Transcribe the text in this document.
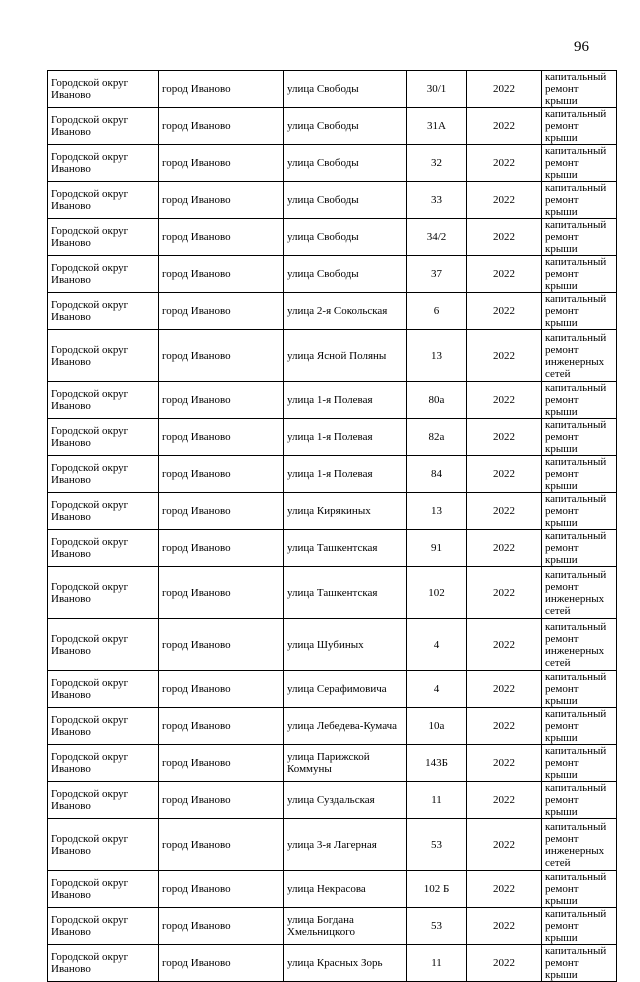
96
Городской округ Иваново	город Иваново	улица Свободы	30/1	2022	капитальный ремонт крыши
Городской округ Иваново	город Иваново	улица Свободы	31А	2022	капитальный ремонт крыши
Городской округ Иваново	город Иваново	улица Свободы	32	2022	капитальный ремонт крыши
Городской округ Иваново	город Иваново	улица Свободы	33	2022	капитальный ремонт крыши
Городской округ Иваново	город Иваново	улица Свободы	34/2	2022	капитальный ремонт крыши
Городской округ Иваново	город Иваново	улица Свободы	37	2022	капитальный ремонт крыши
Городской округ Иваново	город Иваново	улица 2-я Сокольская	6	2022	капитальный ремонт крыши
Городской округ Иваново	город Иваново	улица Ясной Поляны	13	2022	капитальный ремонт инженерных сетей
Городской округ Иваново	город Иваново	улица 1-я Полевая	80а	2022	капитальный ремонт крыши
Городской округ Иваново	город Иваново	улица 1-я Полевая	82а	2022	капитальный ремонт крыши
Городской округ Иваново	город Иваново	улица 1-я Полевая	84	2022	капитальный ремонт крыши
Городской округ Иваново	город Иваново	улица Кирякиных	13	2022	капитальный ремонт крыши
Городской округ Иваново	город Иваново	улица Ташкентская	91	2022	капитальный ремонт крыши
Городской округ Иваново	город Иваново	улица Ташкентская	102	2022	капитальный ремонт инженерных сетей
Городской округ Иваново	город Иваново	улица Шубиных	4	2022	капитальный ремонт инженерных сетей
Городской округ Иваново	город Иваново	улица Серафимовича	4	2022	капитальный ремонт крыши
Городской округ Иваново	город Иваново	улица Лебедева-Кумача	10а	2022	капитальный ремонт крыши
Городской округ Иваново	город Иваново	улица Парижской Коммуны	143Б	2022	капитальный ремонт крыши
Городской округ Иваново	город Иваново	улица Суздальская	11	2022	капитальный ремонт крыши
Городской округ Иваново	город Иваново	улица 3-я Лагерная	53	2022	капитальный ремонт инженерных сетей
Городской округ Иваново	город Иваново	улица Некрасова	102 Б	2022	капитальный ремонт крыши
Городской округ Иваново	город Иваново	улица Богдана Хмельницкого	53	2022	капитальный ремонт крыши
Городской округ Иваново	город Иваново	улица Красных Зорь	11	2022	капитальный ремонт крыши
